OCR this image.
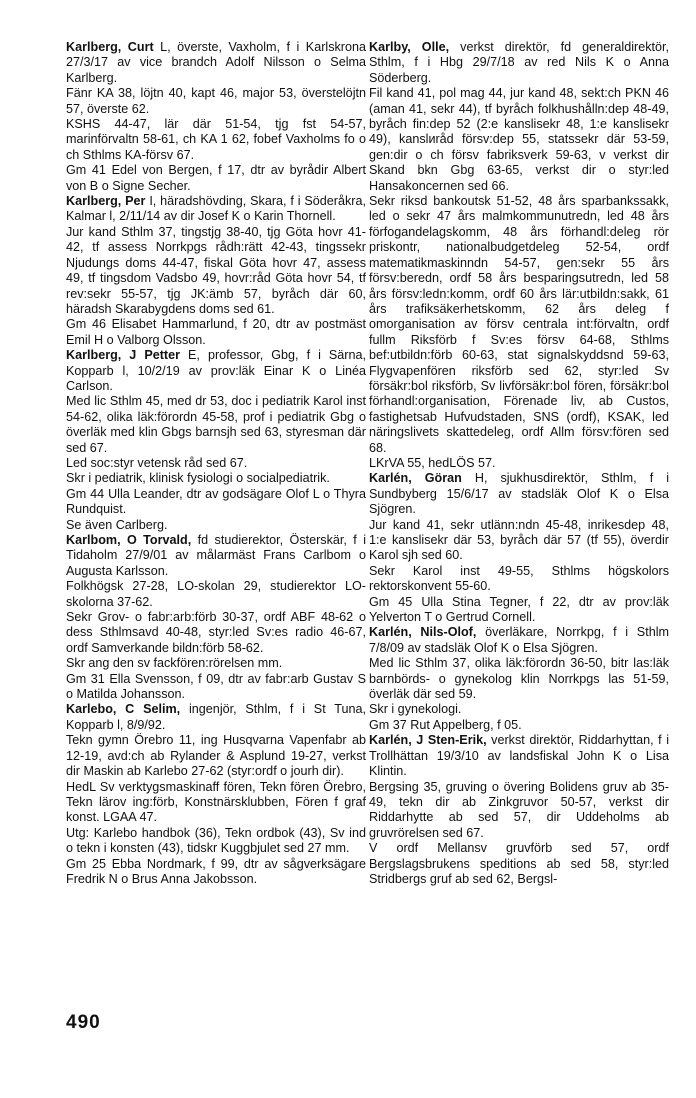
Karlberg, Curt L, överste, Vaxholm, f i Karlskrona 27/3/17 av vice brandch Adolf Nilsson o Selma Karlberg.

Fänr KA 38, löjtn 40, kapt 46, major 53, överstelöjtn 57, överste 62.

KSHS 44-47, lär där 51-54, tjg fst 54-57, marinförvaltn 58-61, ch KA 1 62, fobef Vaxholms fo o ch Sthlms KA-försv 67.

Gm 41 Edel von Bergen, f 17, dtr av byrådir Albert von B o Signe Secher.

Karlberg, Per I, häradshövding, Skara, f i Söderåkra, Kalmar l, 2/11/14 av dir Josef K o Karin Thornell.

Jur kand Sthlm 37, tingstjg 38-40, tjg Göta hovr 41-42, tf assess Norrkpgs rådh:rätt 42-43, tingssekr Njudungs doms 44-47, fiskal Göta hovr 47, assess 49, tf tingsdom Vadsbo 49, hovr:råd Göta hovr 54, tf rev:sekr 55-57, tjg JK:ämb 57, byråch där 60, häradsh Skarabygdens doms sed 61.

Gm 46 Elisabet Hammarlund, f 20, dtr av postmäst Emil H o Valborg Olsson.

Karlberg, J Petter E, professor, Gbg, f i Särna, Kopparb l, 10/2/19 av prov:läk Einar K o Linéa Carlson.

Med lic Sthlm 45, med dr 53, doc i pediatrik Karol inst 54-62, olika läk:förordn 45-58, prof i pediatrik Gbg o överläk med klin Gbgs barnsjh sed 63, styresman där sed 67.

Led soc:styr vetensk råd sed 67.

Skr i pediatrik, klinisk fysiologi o socialpediatrik.

Gm 44 Ulla Leander, dtr av godsägare Olof L o Thyra Rundquist.

Se även Carlberg.

Karlbom, O Torvald, fd studierektor, Österskär, f i Tidaholm 27/9/01 av målarmäst Frans Carlbom o Augusta Karlsson.

Folkhögsk 27-28, LO-skolan 29, studierektor LO-skolorna 37-62.

Sekr Grov- o fabr:arb:förb 30-37, ordf ABF 48-62 o dess Sthlmsavd 40-48, styr:led Sv:es radio 46-67, ordf Samverkande bildn:förb 58-62.

Skr ang den sv fackfören:rörelsen mm.

Gm 31 Ella Svensson, f 09, dtr av fabr:arb Gustav S o Matilda Johansson.

Karlebo, C Selim, ingenjör, Sthlm, f i St Tuna, Kopparb l, 8/9/92.

Tekn gymn Örebro 11, ing Husqvarna Vapenfabr ab 12-19, avd:ch ab Rylander & Asplund 19-27, verkst dir Maskin ab Karlebo 27-62 (styr:ordf o jourh dir).

HedL Sv verktygsmaskinaff fören, Tekn fören Örebro, Tekn lärov ing:förb, Konstnärsklubben, Fören f graf konst. LGAA 47.

Utg: Karlebo handbok (36), Tekn ordbok (43), Sv ind o tekn i konsten (43), tidskr Kuggbjulet sed 27 mm.

Gm 25 Ebba Nordmark, f 99, dtr av sågverksägare Fredrik N o Brus Anna Jakobsson.

Karlby, Olle, verkst direktör, fd generaldirektör, Sthlm, f i Hbg 29/7/18 av red Nils K o Anna Söderberg.

Fil kand 41, pol mag 44, jur kand 48, sekt:ch PKN 46 (aman 41, sekr 44), tf byråch folkhushålln:dep 48-49, byråch fin:dep 52 (2:e kanslisekr 48, 1:e kanslisekr 49), kanslиråd försv:dep 55, statssekr där 53-59, gen:dir o ch försv fabriksverk 59-63, v verkst dir Skand bkn Gbg 63-65, verkst dir o styr:led Hansakoncernen sed 66.

Sekr riksd bankoutsk 51-52, 48 års sparbankssakk, led o sekr 47 års malmkommunutredn, led 48 års förfogandelagskomm, 48 års förhandl:deleg rör priskontr, nationalbudgetdeleg 52-54, ordf matematikmaskinndn 54-57, gen:sekr 55 års försv:beredn, ordf 58 års besparingsutredn, led 58 års försv:ledn:komm, ordf 60 års lär:utbildn:sakk, 61 års trafiksäkerhetskomm, 62 års deleg f omorganisation av försv centrala int:förvaltn, ordf fullm Riksförb f Sv:es försv 64-68, Sthlms bef:utbildn:förb 60-63, stat signalskyddsnd 59-63, Flygvapenfören riksförb sed 62, styr:led Sv försäkr:bol riksförb, Sv livförsäkr:bol fören, försäkr:bol förhandl:organisation, Förenade liv, ab Custos, fastighetsab Hufvudstaden, SNS (ordf), KSAK, led näringslivets skattedeleg, ordf Allm försv:fören sed 68.

LKrVA 55, hedLÖS 57.

Karlén, Göran H, sjukhusdirektör, Sthlm, f i Sundbyberg 15/6/17 av stadsläk Olof K o Elsa Sjögren.

Jur kand 41, sekr utlänn:ndn 45-48, inrikesdep 48, 1:e kanslisekr där 53, byråch där 57 (tf 55), överdir Karol sjh sed 60.

Sekr Karol inst 49-55, Sthlms högskolors rektorskonvent 55-60.

Gm 45 Ulla Stina Tegner, f 22, dtr av prov:läk Yelverton T o Gertrud Cornell.

Karlén, Nils-Olof, överläkare, Norrkpg, f i Sthlm 7/8/09 av stadsläk Olof K o Elsa Sjögren.

Med lic Sthlm 37, olika läk:förordn 36-50, bitr las:läk barnbörds- o gynekolog klin Norrkpgs las 51-59, överläk där sed 59.

Skr i gynekologi.

Gm 37 Rut Appelberg, f 05.

Karlén, J Sten-Erik, verkst direktör, Riddarhyttan, f i Trollhättan 19/3/10 av landsfiskal John K o Lisa Klintin.

Bergsing 35, gruving o övering Bolidens gruv ab 35-49, tekn dir ab Zinkgruvor 50-57, verkst dir Riddarhytte ab sed 57, dir Uddeholms ab gruvrörelsen sed 67.

V ordf Mellansv gruvförb sed 57, ordf Bergslagsbrukens speditions ab sed 58, styr:led Stridbergs gruf ab sed 62, Bergsl-

490
